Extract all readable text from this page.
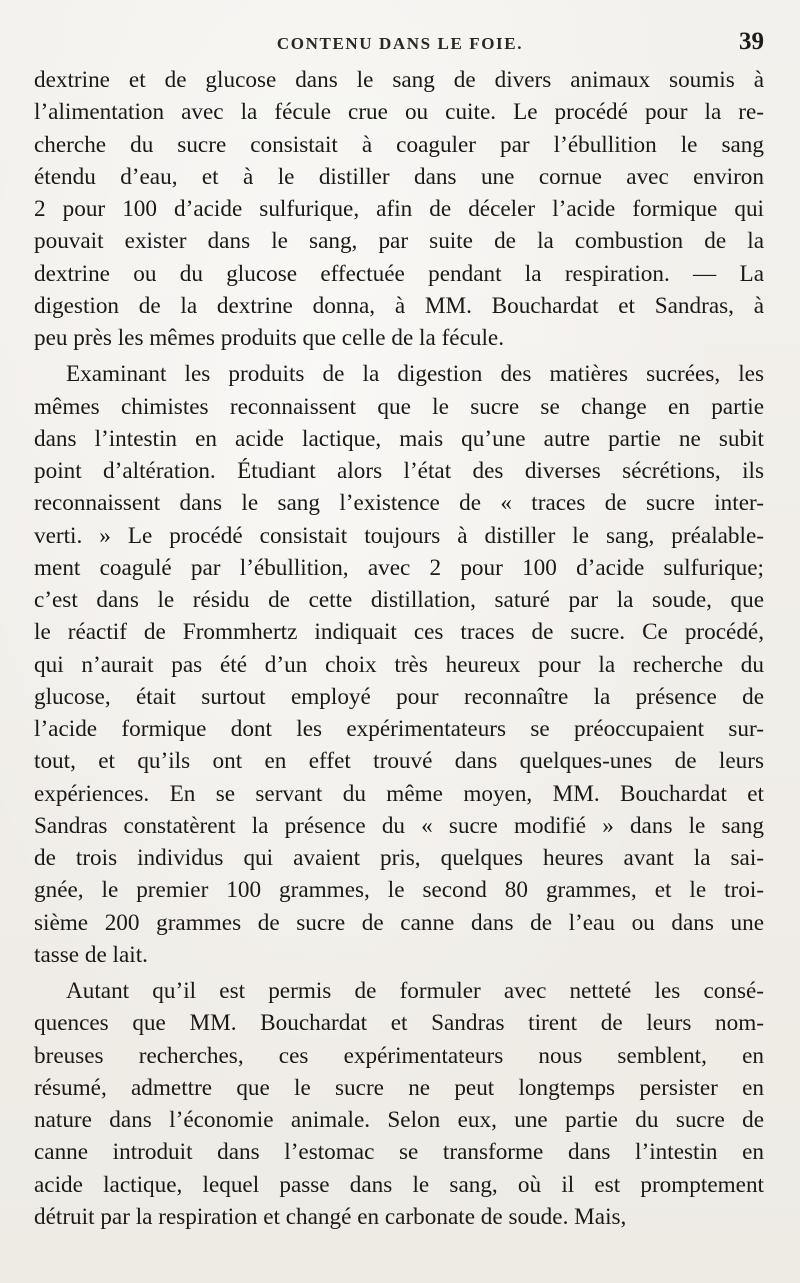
CONTENU DANS LE FOIE.	39
dextrine et de glucose dans le sang de divers animaux soumis à
l’alimentation avec la fécule crue ou cuite. Le procédé pour la re-
cherche du sucre consistait à coaguler par l’ébullition le sang
étendu d’eau, et à le distiller dans une cornue avec environ
2 pour 100 d’acide sulfurique, afin de déceler l’acide formique qui
pouvait exister dans le sang, par suite de la combustion de la
dextrine ou du glucose effectuée pendant la respiration. — La
digestion de la dextrine donna, à MM. Bouchardat et Sandras, à
peu près les mêmes produits que celle de la fécule.
Examinant les produits de la digestion des matières sucrées, les
mêmes chimistes reconnaissent que le sucre se change en partie
dans l’intestin en acide lactique, mais qu’une autre partie ne subit
point d’altération. Étudiant alors l’état des diverses sécrétions, ils
reconnaissent dans le sang l’existence de « traces de sucre inter-
verti. » Le procédé consistait toujours à distiller le sang, préalable-
ment coagulé par l’ébullition, avec 2 pour 100 d’acide sulfurique;
c’est dans le résidu de cette distillation, saturé par la soude, que
le réactif de Frommhertz indiquait ces traces de sucre. Ce procédé,
qui n’aurait pas été d’un choix très heureux pour la recherche du
glucose, était surtout employé pour reconnaître la présence de
l’acide formique dont les expérimentateurs se préoccupaient sur-
tout, et qu’ils ont en effet trouvé dans quelques-unes de leurs
expériences. En se servant du même moyen, MM. Bouchardat et
Sandras constatèrent la présence du « sucre modifié » dans le sang
de trois individus qui avaient pris, quelques heures avant la sai-
gnée, le premier 100 grammes, le second 80 grammes, et le troi-
sième 200 grammes de sucre de canne dans de l’eau ou dans une
tasse de lait.
Autant qu’il est permis de formuler avec netteté les consé-
quences que MM. Bouchardat et Sandras tirent de leurs nom-
breuses recherches, ces expérimentateurs nous semblent, en
résumé, admettre que le sucre ne peut longtemps persister en
nature dans l’économie animale. Selon eux, une partie du sucre de
canne introduit dans l’estomac se transforme dans l’intestin en
acide lactique, lequel passe dans le sang, où il est promptement
détruit par la respiration et changé en carbonate de soude. Mais,
